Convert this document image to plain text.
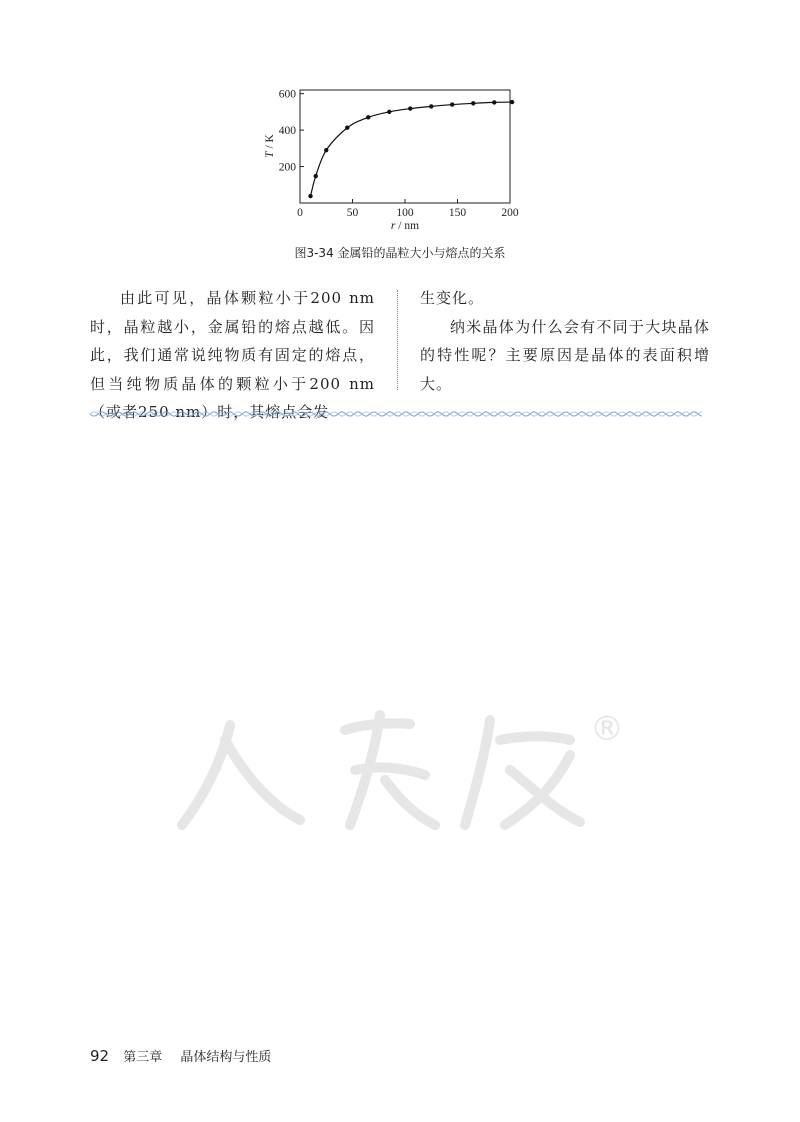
0	50	100	150	200
200
400
600
T / K
r / nm
图3-34 金属铅的晶粒大小与熔点的关系

由此可见，晶体颗粒小于200 nm时，晶粒越小，金属铅的熔点越低。因此，我们通常说纯物质有固定的熔点，但当纯物质晶体的颗粒小于200 nm（或者250 nm）时，其熔点会发

生变化。

纳米晶体为什么会有不同于大块晶体的特性呢？主要原因是晶体的表面积增大。

®
92 第三章 晶体结构与性质
